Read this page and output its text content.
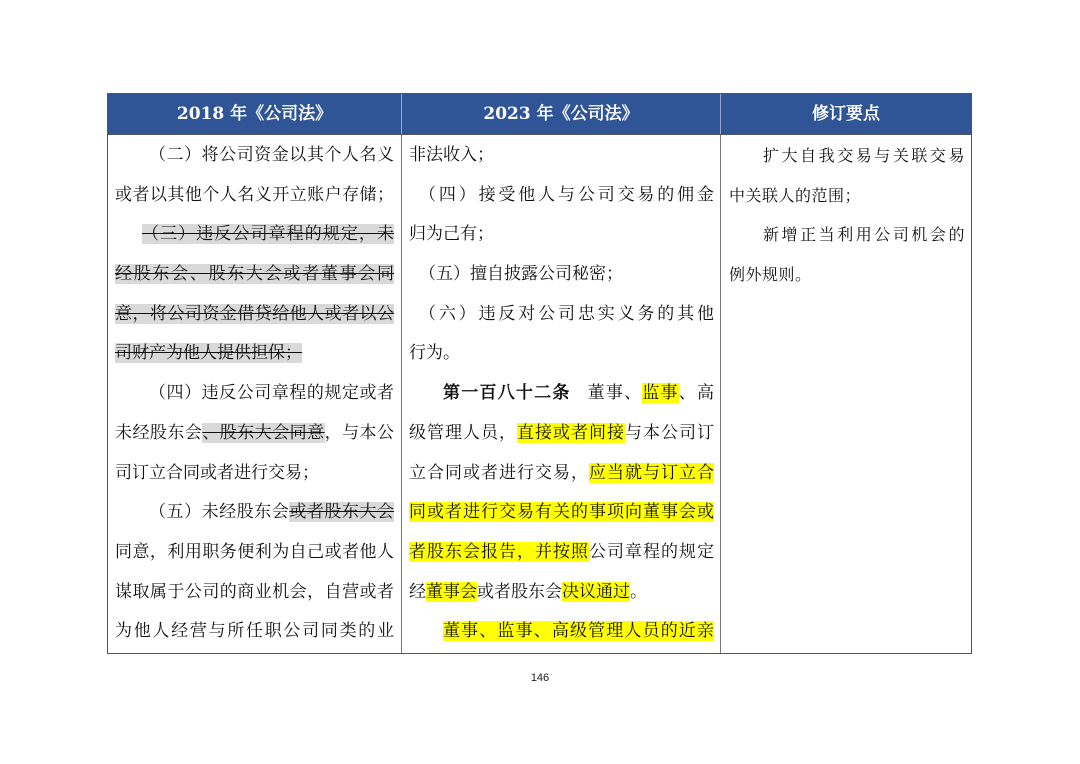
2018 年《公司法》	2023 年《公司法》	修订要点
（二）将公司资金以其个人名义
或者以其他个人名义开立账户存储；
（三）违反公司章程的规定，未
经股东会、股东大会或者董事会同
意，将公司资金借贷给他人或者以公
司财产为他人提供担保；
（四）违反公司章程的规定或者
未经股东会、股东大会同意，与本公
司订立合同或者进行交易；
（五）未经股东会或者股东大会
同意，利用职务便利为自己或者他人
谋取属于公司的商业机会，自营或者
为他人经营与所任职公司同类的业
非法收入；
（四）接受他人与公司交易的佣金
归为己有；
（五）擅自披露公司秘密；
（六）违反对公司忠实义务的其他
行为。
第一百八十二条 董事、监事、高
级管理人员，直接或者间接与本公司订
立合同或者进行交易，应当就与订立合
同或者进行交易有关的事项向董事会或
者股东会报告，并按照公司章程的规定
经董事会或者股东会决议通过。
董事、监事、高级管理人员的近亲
扩大自我交易与关联交易
中关联人的范围；
新增正当利用公司机会的
例外规则。
146
